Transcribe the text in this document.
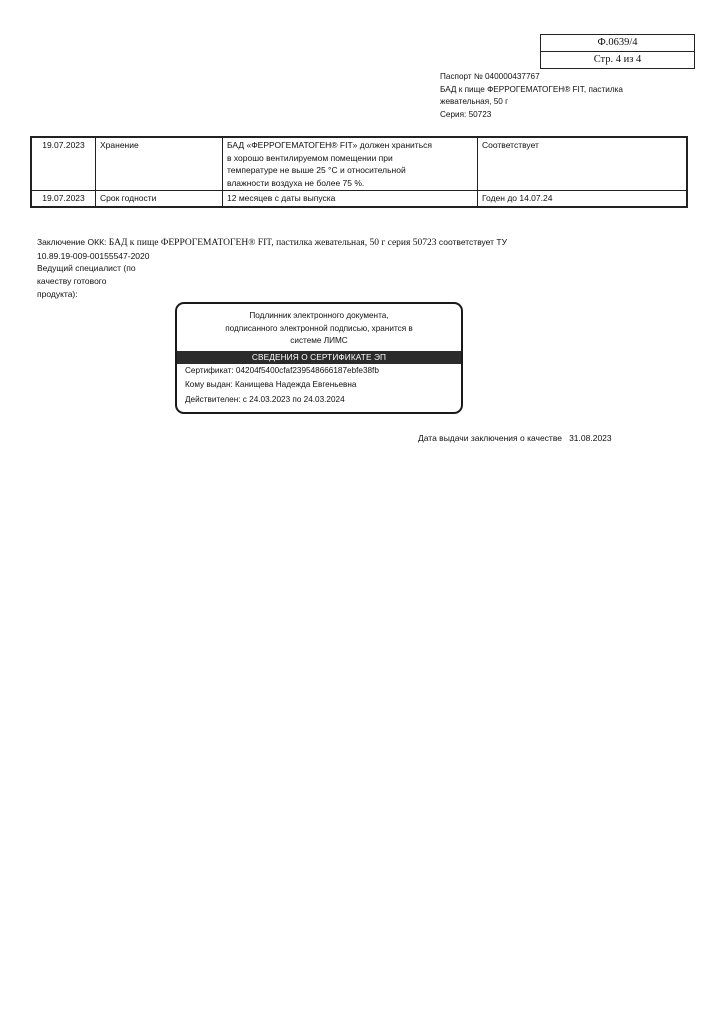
Ф.0639/4
Стр. 4 из 4
Паспорт № 040000437767
БАД к пище ФЕРРОГЕМАТОГЕН® FIT, пастилка
жевательная, 50 г
Серия: 50723
19.07.2023	Хранение	БАД «ФЕРРОГЕМАТОГЕН® FIT» должен храниться
в хорошо вентилируемом помещении при
температуре не выше 25 °С и относительной
влажности воздуха не более 75 %.	Соответствует
19.07.2023	Срок годности	12 месяцев с даты выпуска	Годен до 14.07.24
Заключение ОКК: БАД к пище ФЕРРОГЕМАТОГЕН® FIT, пастилка жевательная, 50 г серия 50723 соответствует ТУ
10.89.19-009-00155547-2020
Ведущий специалист (по
качеству готового
продукта):
Подлинник электронного документа,
подписанного электронной подписью, хранится в
системе ЛИМС
СВЕДЕНИЯ О СЕРТИФИКАТЕ ЭП
Сертификат: 04204f5400cfaf239548666187ebfe38fb
Кому выдан: Канищева Надежда Евгеньевна
Действителен: с 24.03.2023 по 24.03.2024
Дата выдачи заключения о качестве 31.08.2023
